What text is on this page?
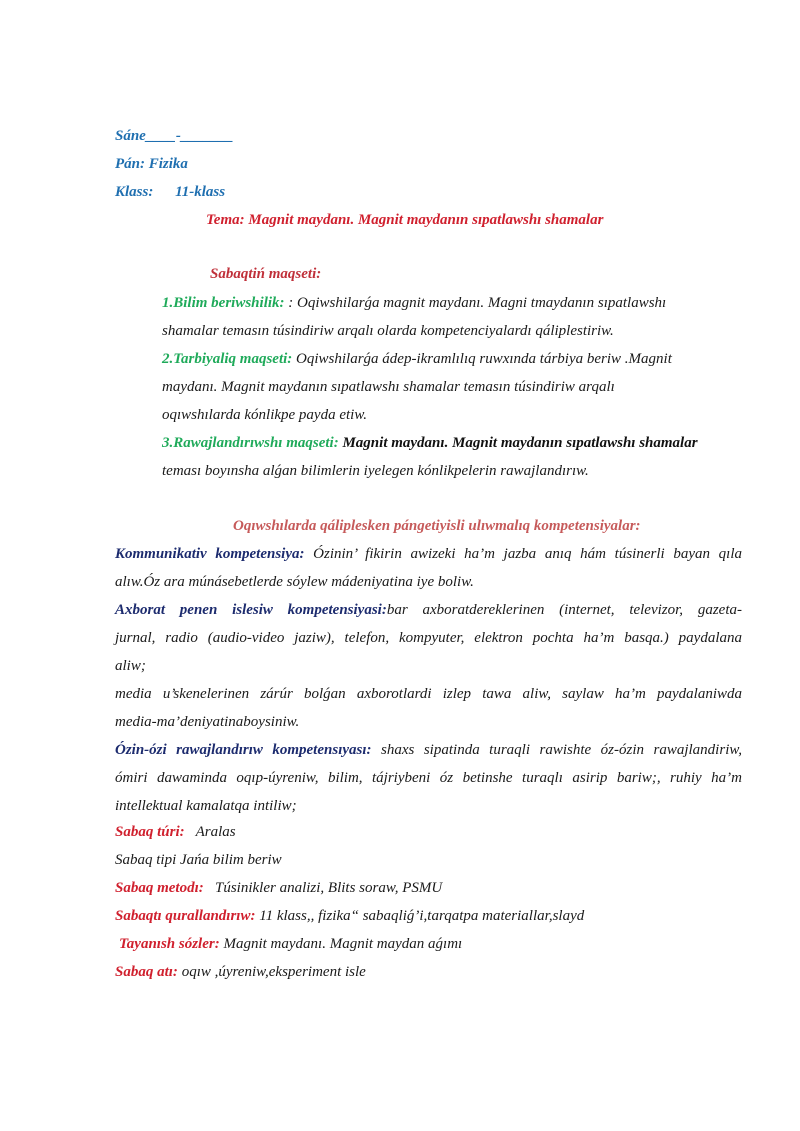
Sáne____-_______
Pán: Fizika
Klass: 11-klass
Tema: Magnit maydanı. Magnit maydanın sıpatlawshı shamalar
Sabaqtiń maqseti:
1.Bilim beriwshilik: : Oqiwshilarǵa magnit maydanı. Magni tmaydanın sıpatlawshı
shamalar temasın túsindiriw arqalı olarda kompetenciyalardı qáliplestiriw.
2.Tarbiyaliq maqseti: Oqiwshilarǵa ádep-ikramlılıq ruwxında tárbiya beriw .Magnit
maydanı. Magnit maydanın sıpatlawshı shamalar temasın túsindiriw arqalı
oqıwshılarda kónlikpe payda etiw.
3.Rawajlandırıwshı maqseti: Magnit maydanı. Magnit maydanın sıpatlawshı shamalar
teması boyınsha alǵan bilimlerin iyelegen kónlikpelerin rawajlandırıw.
Oqıwshılarda qáliplesken pángetiyisli ulıwmalıq kompetensiyalar:
Kommunikativ kompetensiya: Ózinin’ fikirin awizeki ha’m jazba anıq hám túsinerli bayan qıla
alıw.Óz ara múnásebetlerde sóylew mádeniyatina iye boliw.
Axborat penen islesiw kompetensiyasi:bar axboratdereklerinen (internet, televizor, gazeta-
jurnal, radio (audio-video jaziw), telefon, kompyuter, elektron pochta ha’m basqa.) paydalana
aliw;
media u’skenelerinen zárúr bolǵan axborotlardi izlep tawa aliw, saylaw ha’m paydalaniwda
media-ma’deniyatinaboysiniw.
Ózin-ózi rawajlandırıw kompetensıyası: shaxs sipatinda turaqli rawishte óz-ózin rawajlandiriw,
ómiri dawaminda oqıp-úyreniw, bilim, tájriybeni óz betinshe turaqlı asirip bariw;, ruhiy ha’m
intellektual kamalatqa intiliw;
Sabaq túri:   Aralas
Sabaq tipi Jańa bilim beriw
Sabaq metodı:   Túsinikler analizi, Blits soraw, PSMU
Sabaqtı qurallandırıw: 11 klass,, fizika“ sabaqliǵ’i,tarqatpa materiallar,slayd
Tayanısh sózler: Magnit maydanı. Magnit maydan aǵımı
Sabaq atı: oqıw ,úyreniw,eksperiment isle
